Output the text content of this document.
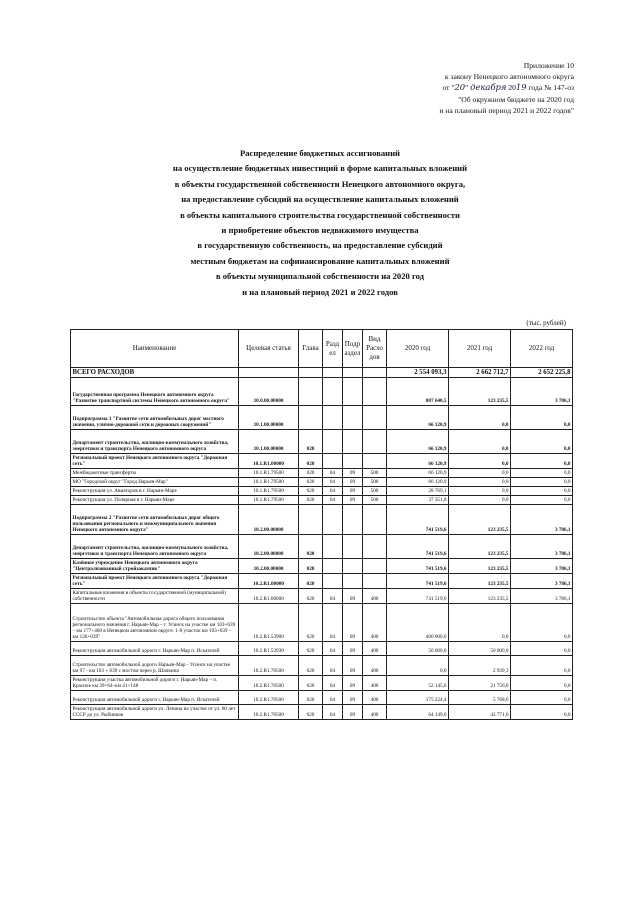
Приложение 10
к закону Ненецкого автономного округа
от "20" декабря 2019 года № 147-оз
"Об окружном бюджете на 2020 год
и на плановый период 2021 и 2022 годов"
Распределение бюджетных ассигнований
на осуществление бюджетных инвестиций в форме капитальных вложений
в объекты государственной собственности Ненецкого автономного округа,
на предоставление субсидий на осуществление капитальных вложений
в объекты капитального строительства государственной собственности
и приобретение объектов недвижимого имущества
в государственную собственность, на предоставление субсидий
местным бюджетам на софинансирование капитальных вложений
в объекты муниципальной собственности на 2020 год
и на плановый период 2021 и 2022 годов
(тыс. рублей)
Наименование	Целевая статья	Глава	Разд ел	Подр аздел	Вид Расхо дов	2020 год	2021 год	2022 год
ВСЕГО РАСХОДОВ						2 554 093,3	2 662 712,7	2 652 225,8
Государственная программа Ненецкого автономного округа "Развитие транспортной системы Ненецкого автономного округа"	10.0.00.00000					807 640,5	123 235,5	3 786,1
Подпрограмма 1 "Развитие сети автомобильных дорог местного значения, улично-дорожной сети и дорожных сооружений"	10.1.00.00000					66 120,9	0,0	0,0
Департамент строительства, жилищно-коммунального хозяйства, энергетики и транспорта Ненецкого автономного округа	10.1.00.00000	020				66 120,9	0,0	0,0
Региональный проект Ненецкого автономного округа "Дорожная сеть"	10.1.R1.00000	020				66 120,9	0,0	0,0
Межбюджетные трансферты	10.1.R1.79500	020	04	09	500	66 120,9	0,0	0,0
МО "Городской округ "Город Нарьян-Мар"	10.1.R1.79500	020	04	09	500	66 120,9	0,0	0,0
Реконструкция ул. Авиаторов в г. Нарьян-Маре	10.1.R1.79500	020	04	09	500	28 769,1	0,0	0,0
Реконструкция ул. Полярная в г. Нарьян-Маре	10.1.R1.79500	020	04	09	500	37 351,8	0,0	0,0
Подпрограмма 2 "Развитие сети автомобильных дорог общего пользования регионального и межмуниципального значения Ненецкого автономного округа"	10.2.00.00000					741 519,6	123 235,5	3 786,1
Департамент строительства, жилищно-коммунального хозяйства, энергетики и транспорта Ненецкого автономного округа	10.2.00.00000	020				741 519,6	123 235,5	3 786,1
Казённое учреждение Ненецкого автономного округа "Централизованный стройзаказчик"	10.2.00.00000	020				741 519,6	123 235,5	3 786,1
Региональный проект Ненецкого автономного округа "Дорожная сеть"	10.2.R1.00000	020				741 519,6	123 235,5	3 786,1
Капитальные вложения в объекты государственной (муниципальной) собственности	10.2.R1.00000	020	04	09	400	741 519,6	123 235,5	3 786,1
Строительство объекта "Автомобильная дорога общего пользования регионального значения г. Нарьян-Мар – г. Усинск на участке км 103+639 – км 177+468 в Ненецком автономном округе. 1-8 участок км 103+639 – км 126+039"	10.2.R1.53900	020	04	09	400	400 000,0	0,0	0,0
Реконструкция автомобильной дороги г. Нарьян-Мар п. Искателей	10.2.R1.53930	020	04	09	400	50 000,0	50 000,0	0,0
Строительство автомобильной дороги Нарьян-Мар - Усинск на участке км 97 - км 103 + 639 с мостом через р. Шапкина	10.2.R1.70500	020	04	09	400	0,0	2 939,3	0,0
Реконструкция участка автомобильной дороги г. Нарьян-Мар – п. Красное км 39+64–км 41+148	10.2.R1.70500	020	04	09	400	52 145,6	21 756,0	0,0
Реконструкция автомобильной дороги г. Нарьян-Мар п. Искателей	10.2.R1.70500	020	04	09	400	175 224,4	5 768,6	0,0
Реконструкция автомобильной дороги ул. Ленина на участке от ул. 60 лет СССР до ул. Рыбников	10.2.R1.70500	020	04	09	400	64 149,6	42 771,6	0,0
